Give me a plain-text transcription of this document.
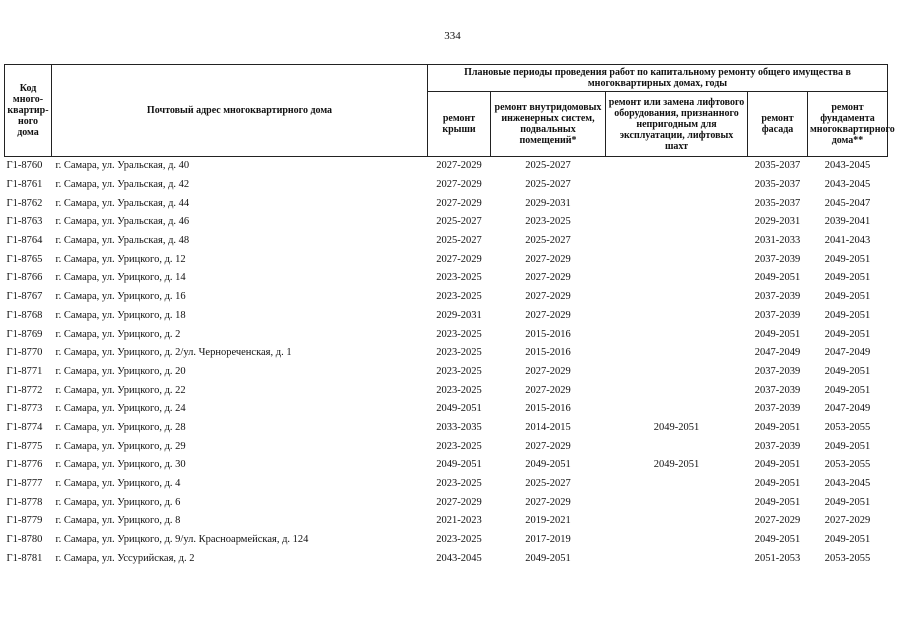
334
Код много-квартир-ного дома	Почтовый адрес многоквартирного дома	Плановые периоды проведения работ по капитальному ремонту общего имущества в многоквартирных домах, годы				
		ремонт крыши	ремонт внутридомовых инженерных систем, подвальных помещений*	ремонт или замена лифтового оборудования, признанного непригодным для эксплуатации, лифтовых шахт	ремонт фасада	ремонт фундамента многоквартирного дома**
Г1-8760	г. Самара, ул. Уральская, д. 40	2027-2029	2025-2027		2035-2037	2043-2045
Г1-8761	г. Самара, ул. Уральская, д. 42	2027-2029	2025-2027		2035-2037	2043-2045
Г1-8762	г. Самара, ул. Уральская, д. 44	2027-2029	2029-2031		2035-2037	2045-2047
Г1-8763	г. Самара, ул. Уральская, д. 46	2025-2027	2023-2025		2029-2031	2039-2041
Г1-8764	г. Самара, ул. Уральская, д. 48	2025-2027	2025-2027		2031-2033	2041-2043
Г1-8765	г. Самара, ул. Урицкого, д. 12	2027-2029	2027-2029		2037-2039	2049-2051
Г1-8766	г. Самара, ул. Урицкого, д. 14	2023-2025	2027-2029		2049-2051	2049-2051
Г1-8767	г. Самара, ул. Урицкого, д. 16	2023-2025	2027-2029		2037-2039	2049-2051
Г1-8768	г. Самара, ул. Урицкого, д. 18	2029-2031	2027-2029		2037-2039	2049-2051
Г1-8769	г. Самара, ул. Урицкого, д. 2	2023-2025	2015-2016		2049-2051	2049-2051
Г1-8770	г. Самара, ул. Урицкого, д. 2/ул. Чернореченская, д. 1	2023-2025	2015-2016		2047-2049	2047-2049
Г1-8771	г. Самара, ул. Урицкого, д. 20	2023-2025	2027-2029		2037-2039	2049-2051
Г1-8772	г. Самара, ул. Урицкого, д. 22	2023-2025	2027-2029		2037-2039	2049-2051
Г1-8773	г. Самара, ул. Урицкого, д. 24	2049-2051	2015-2016		2037-2039	2047-2049
Г1-8774	г. Самара, ул. Урицкого, д. 28	2033-2035	2014-2015	2049-2051	2049-2051	2053-2055
Г1-8775	г. Самара, ул. Урицкого, д. 29	2023-2025	2027-2029		2037-2039	2049-2051
Г1-8776	г. Самара, ул. Урицкого, д. 30	2049-2051	2049-2051	2049-2051	2049-2051	2053-2055
Г1-8777	г. Самара, ул. Урицкого, д. 4	2023-2025	2025-2027		2049-2051	2043-2045
Г1-8778	г. Самара, ул. Урицкого, д. 6	2027-2029	2027-2029		2049-2051	2049-2051
Г1-8779	г. Самара, ул. Урицкого, д. 8	2021-2023	2019-2021		2027-2029	2027-2029
Г1-8780	г. Самара, ул. Урицкого, д. 9/ул. Красноармейская, д. 124	2023-2025	2017-2019		2049-2051	2049-2051
Г1-8781	г. Самара, ул. Уссурийская, д. 2	2043-2045	2049-2051		2051-2053	2053-2055
